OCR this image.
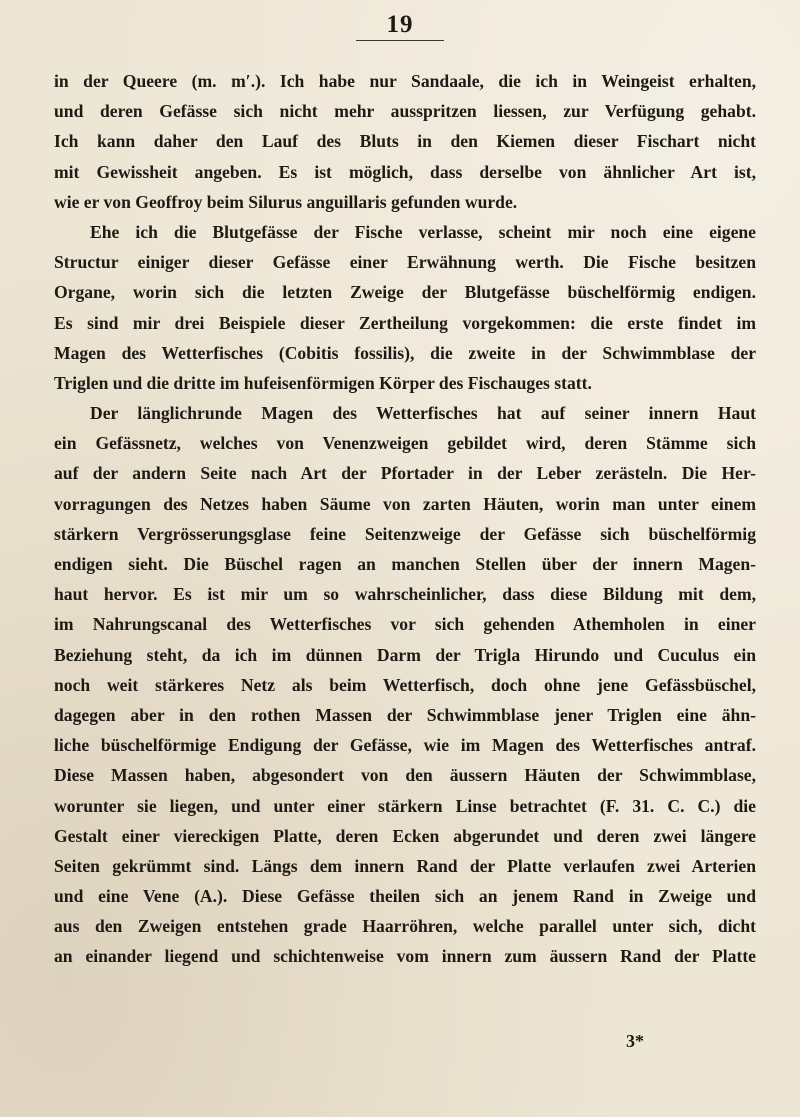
19
in der Queere (m. m′.). Ich habe nur Sandaale, die ich in Weingeist erhalten,
und deren Gefässe sich nicht mehr ausspritzen liessen, zur Verfügung gehabt.
Ich kann daher den Lauf des Bluts in den Kiemen dieser Fischart nicht
mit Gewissheit angeben. Es ist möglich, dass derselbe von ähnlicher Art ist,
wie er von Geoffroy beim Silurus anguillaris gefunden wurde.
Ehe ich die Blutgefässe der Fische verlasse, scheint mir noch eine eigene
Structur einiger dieser Gefässe einer Erwähnung werth. Die Fische besitzen
Organe, worin sich die letzten Zweige der Blutgefässe büschelförmig endigen.
Es sind mir drei Beispiele dieser Zertheilung vorgekommen: die erste findet im
Magen des Wetterfisches (Cobitis fossilis), die zweite in der Schwimmblase der
Triglen und die dritte im hufeisenförmigen Körper des Fischauges statt.
Der länglichrunde Magen des Wetterfisches hat auf seiner innern Haut
ein Gefässnetz, welches von Venenzweigen gebildet wird, deren Stämme sich
auf der andern Seite nach Art der Pfortader in der Leber zerästeln. Die Her-
vorragungen des Netzes haben Säume von zarten Häuten, worin man unter einem
stärkern Vergrösserungsglase feine Seitenzweige der Gefässe sich büschelförmig
endigen sieht. Die Büschel ragen an manchen Stellen über der innern Magen-
haut hervor. Es ist mir um so wahrscheinlicher, dass diese Bildung mit dem,
im Nahrungscanal des Wetterfisches vor sich gehenden Athemholen in einer
Beziehung steht, da ich im dünnen Darm der Trigla Hirundo und Cuculus ein
noch weit stärkeres Netz als beim Wetterfisch, doch ohne jene Gefässbüschel,
dagegen aber in den rothen Massen der Schwimmblase jener Triglen eine ähn-
liche büschelförmige Endigung der Gefässe, wie im Magen des Wetterfisches antraf.
Diese Massen haben, abgesondert von den äussern Häuten der Schwimmblase,
worunter sie liegen, und unter einer stärkern Linse betrachtet (F. 31. C. C.) die
Gestalt einer viereckigen Platte, deren Ecken abgerundet und deren zwei längere
Seiten gekrümmt sind. Längs dem innern Rand der Platte verlaufen zwei Arterien
und eine Vene (A.). Diese Gefässe theilen sich an jenem Rand in Zweige und
aus den Zweigen entstehen grade Haarröhren, welche parallel unter sich, dicht
an einander liegend und schichtenweise vom innern zum äussern Rand der Platte
3*
